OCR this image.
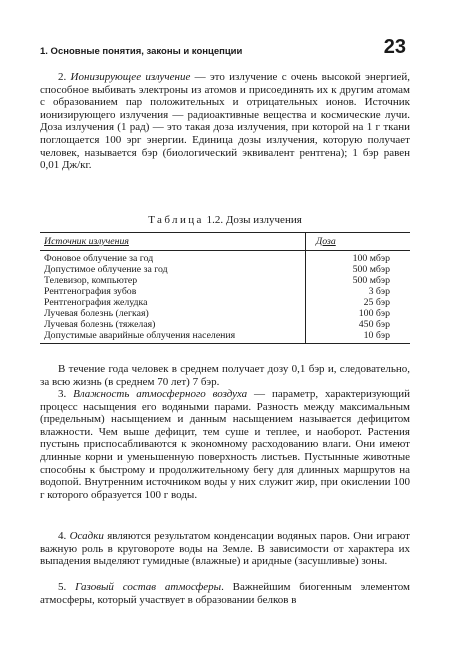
1. Основные понятия, законы и концепции	23

2. Ионизирующее излучение — это излучение с очень высокой энергией, способное выбивать электроны из атомов и присоединять их к другим атомам с образованием пар положительных и отрицательных ионов. Источник ионизирующего излучения — радиоактивные вещества и космические лучи. Доза излучения (1 рад) — это такая доза излучения, при которой на 1 г ткани поглощается 100 эрг энергии. Единица дозы излучения, которую получает человек, называется бэр (биологический эквивалент рентгена); 1 бэр равен 0,01 Дж/кг.

Таблица 1.2. Дозы излучения
Источник излучения	Доза
Фоновое облучение за год	100 мбэр
Допустимое облучение за год	500 мбэр
Телевизор, компьютер	500 мбэр
Рентгенография зубов	3 бэр
Рентгенография желудка	25 бэр
Лучевая болезнь (легкая)	100 бэр
Лучевая болезнь (тяжелая)	450 бэр
Допустимые аварийные облучения населения	10 бэр

В течение года человек в среднем получает дозу 0,1 бэр и, следовательно, за всю жизнь (в среднем 70 лет) 7 бэр.

3. Влажность атмосферного воздуха — параметр, характеризующий процесс насыщения его водяными парами. Разность между максимальным (предельным) насыщением и данным насыщением называется дефицитом влажности. Чем выше дефицит, тем суше и теплее, и наоборот. Растения пустынь приспосабливаются к экономному расходованию влаги. Они имеют длинные корни и уменьшенную поверхность листьев. Пустынные животные способны к быстрому и продолжительному бегу для длинных маршрутов на водопой. Внутренним источником воды у них служит жир, при окислении 100 г которого образуется 100 г воды.

4. Осадки являются результатом конденсации водяных паров. Они играют важную роль в круговороте воды на Земле. В зависимости от характера их выпадения выделяют гумидные (влажные) и аридные (засушливые) зоны.

5. Газовый состав атмосферы. Важнейшим биогенным элементом атмосферы, который участвует в образовании белков в
